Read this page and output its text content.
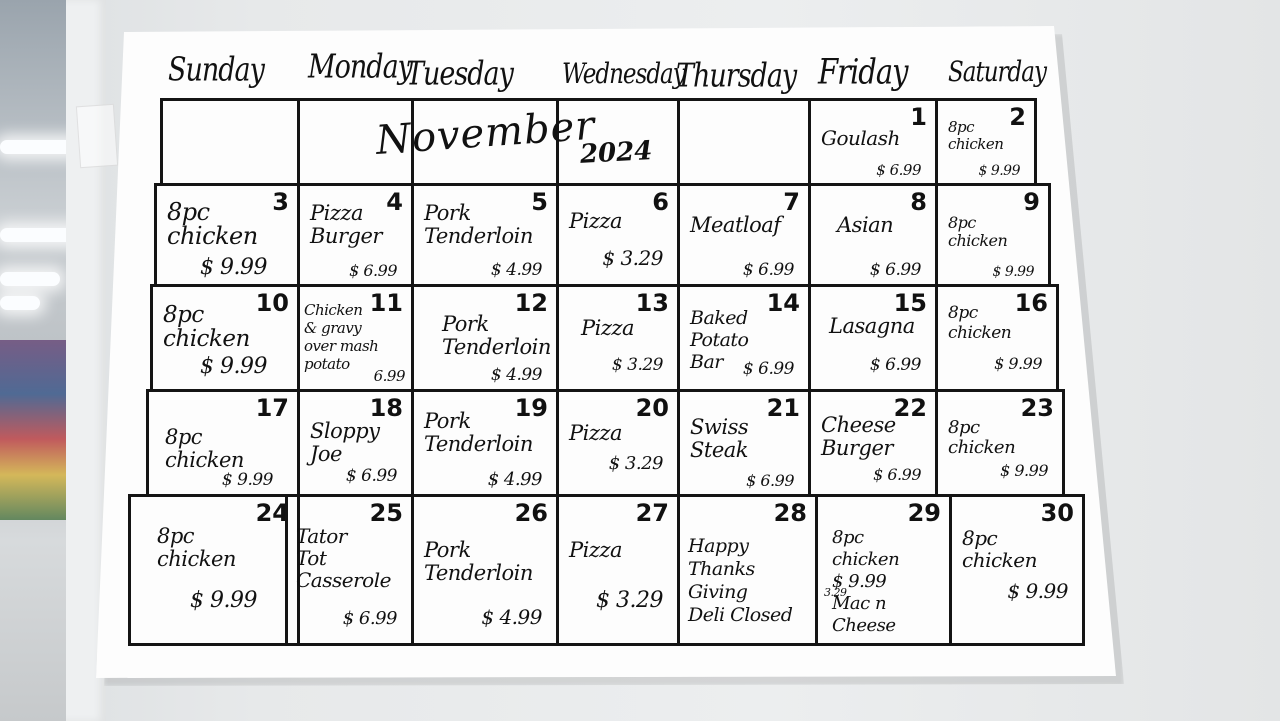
Sunday Monday
Tuesday Wednesday
Thursday Friday Saturday
November
2024
1
Goulash
$ 6.99
2
8pc
chicken
$ 9.99
3
8pc
chicken
$ 9.99
4
Pizza
Burger
$ 6.99
5
Pork
Tenderloin
$ 4.99
6
Pizza
$ 3.29
7
Meatloaf
$ 6.99
8
Asian
$ 6.99
9
8pc
chicken
$ 9.99
10
8pc
chicken
$ 9.99
11
Chicken
& gravy
over mash
potato
6.99
12
Pork
Tenderloin
$ 4.99
13
Pizza
$ 3.29
14
Baked
Potato
Bar	$ 6.99
15
Lasagna
$ 6.99
16
8pc
chicken
$ 9.99
17
8pc
chicken
$ 9.99
18
Sloppy
Joe
$ 6.99
19
Pork
Tenderloin
$ 4.99
20
Pizza
$ 3.29
21
Swiss
Steak
$ 6.99
22
Cheese
Burger
$ 6.99
23
8pc
chicken
$ 9.99
24
8pc
chicken
$ 9.99
25
Tator
Tot
Casserole
$ 6.99
26
Pork
Tenderloin
$ 4.99
27
Pizza
$ 3.29
28
Happy
Thanks
Giving
Deli Closed
29
8pc
chicken
$ 9.99
Mac n Cheese
3.29
30
8pc
chicken
$ 9.99
